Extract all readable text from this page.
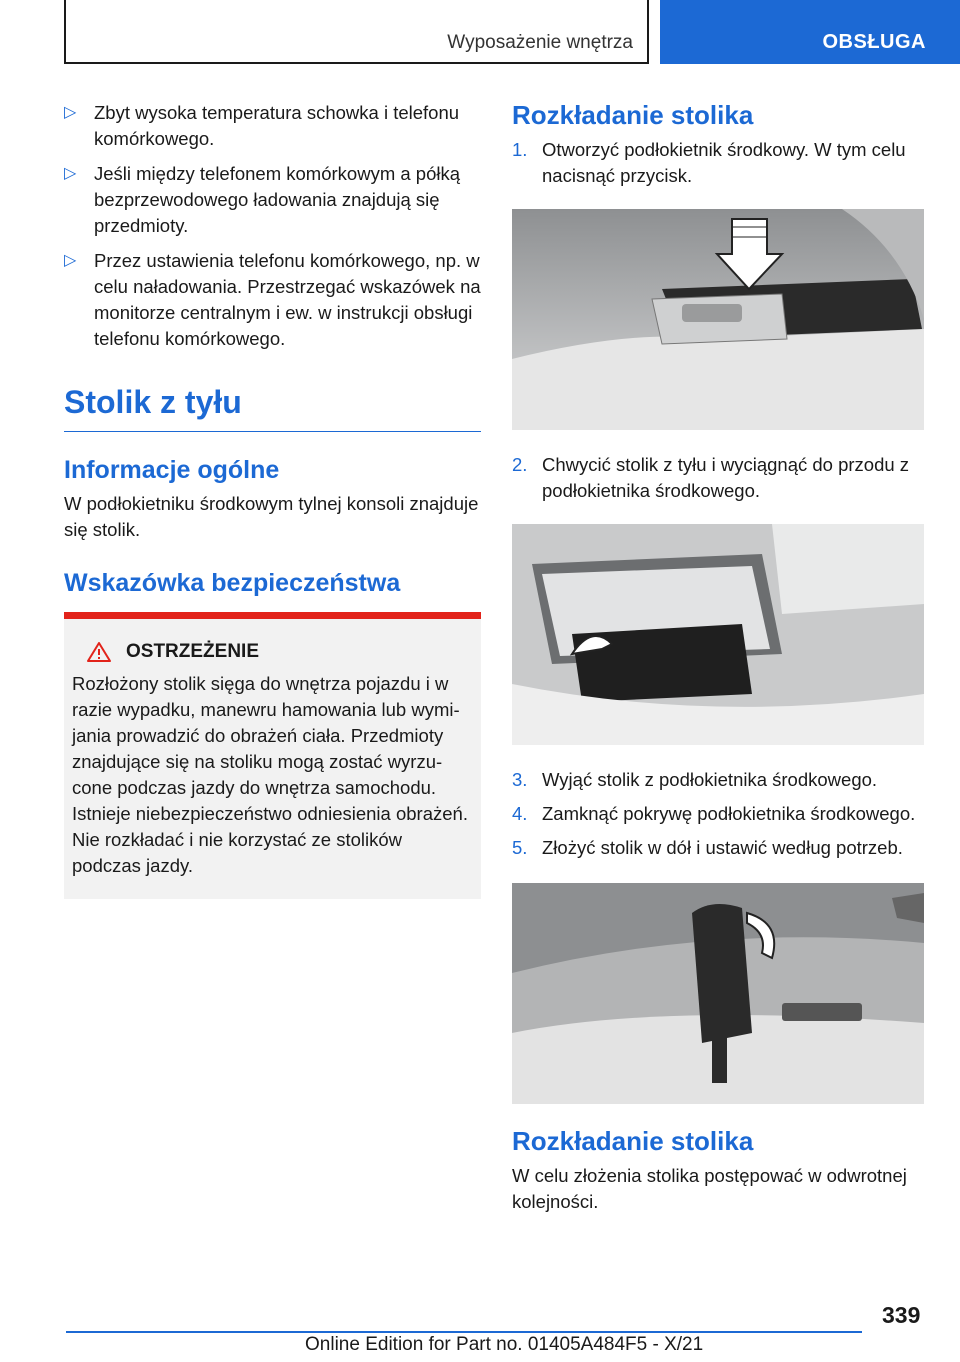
Wyposażenie wnętrza	OBSŁUGA
▷ Zbyt wysoka temperatura schowka i telefonu komórkowego.
▷ Jeśli między telefonem komórkowym a półką bezprzewodowego ładowania znajdują się przedmioty.
▷ Przez ustawienia telefonu komórkowego, np. w celu naładowania. Przestrzegać wskazówek na monitorze centralnym i ew. w instrukcji obsługi telefonu komórkowego.
Stolik z tyłu
Informacje ogólne
W podłokietniku środkowym tylnej konsoli znajduje się stolik.
Wskazówka bezpieczeństwa
OSTRZEŻENIE
Rozłożony stolik sięga do wnętrza pojazdu i w razie wypadku, manewru hamowania lub wymijania prowadzić do obrażeń ciała. Przedmioty znajdujące się na stoliku mogą zostać wyrzucone podczas jazdy do wnętrza samochodu. Istnieje niebezpieczeństwo odniesienia obrażeń. Nie rozkładać i nie korzystać ze stolików podczas jazdy.
Rozkładanie stolika
1. Otworzyć podłokietnik środkowy. W tym celu nacisnąć przycisk.
2. Chwycić stolik z tyłu i wyciągnąć do przodu z podłokietnika środkowego.
3. Wyjąć stolik z podłokietnika środkowego.
4. Zamknąć pokrywę podłokietnika środkowego.
5. Złożyć stolik w dół i ustawić według potrzeb.
Rozkładanie stolika
W celu złożenia stolika postępować w odwrotnej kolejności.
339
Online Edition for Part no. 01405A484F5 - X/21
